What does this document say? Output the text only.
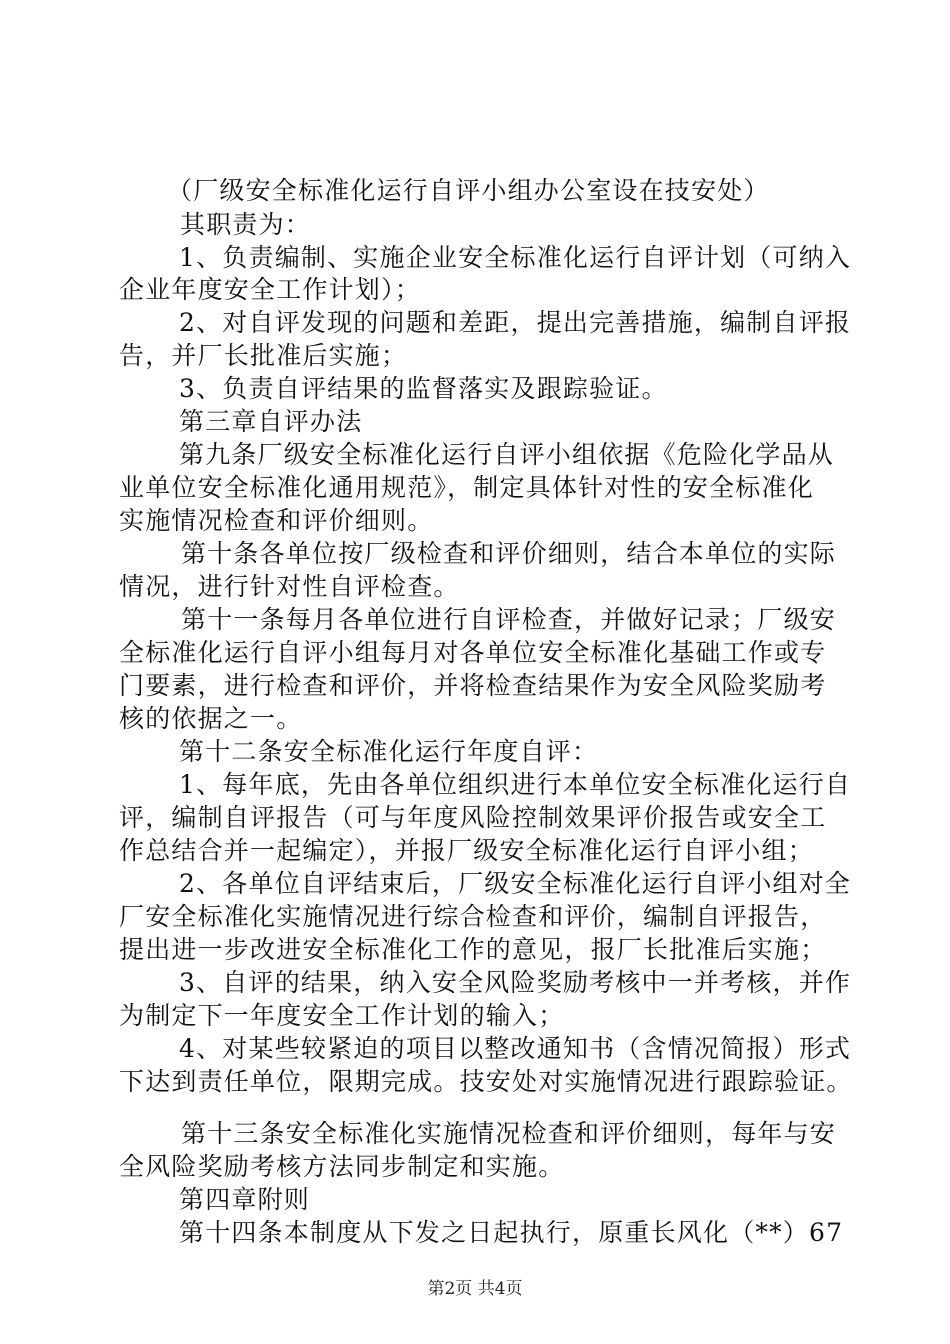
（厂级安全标准化运行自评小组办公室设在技安处）
其职责为：
1、负责编制、实施企业安全标准化运行自评计划（可纳入
企业年度安全工作计划）；
2、对自评发现的问题和差距，提出完善措施，编制自评报
告，并厂长批准后实施；
3、负责自评结果的监督落实及跟踪验证。
第三章自评办法
第九条厂级安全标准化运行自评小组依据《危险化学品从
业单位安全标准化通用规范》，制定具体针对性的安全标准化
实施情况检查和评价细则。
第十条各单位按厂级检查和评价细则，结合本单位的实际
情况，进行针对性自评检查。
第十一条每月各单位进行自评检查，并做好记录；厂级安
全标准化运行自评小组每月对各单位安全标准化基础工作或专
门要素，进行检查和评价，并将检查结果作为安全风险奖励考
核的依据之一。
第十二条安全标准化运行年度自评：
1、每年底，先由各单位组织进行本单位安全标准化运行自
评，编制自评报告（可与年度风险控制效果评价报告或安全工
作总结合并一起编定），并报厂级安全标准化运行自评小组；
2、各单位自评结束后，厂级安全标准化运行自评小组对全
厂安全标准化实施情况进行综合检查和评价，编制自评报告，
提出进一步改进安全标准化工作的意见，报厂长批准后实施；
3、自评的结果，纳入安全风险奖励考核中一并考核，并作
为制定下一年度安全工作计划的输入；
4、对某些较紧迫的项目以整改通知书（含情况简报）形式
下达到责任单位，限期完成。技安处对实施情况进行跟踪验证。
第十三条安全标准化实施情况检查和评价细则，每年与安
全风险奖励考核方法同步制定和实施。
第四章附则
第十四条本制度从下发之日起执行，原重长风化（**）67
第2页 共4页
